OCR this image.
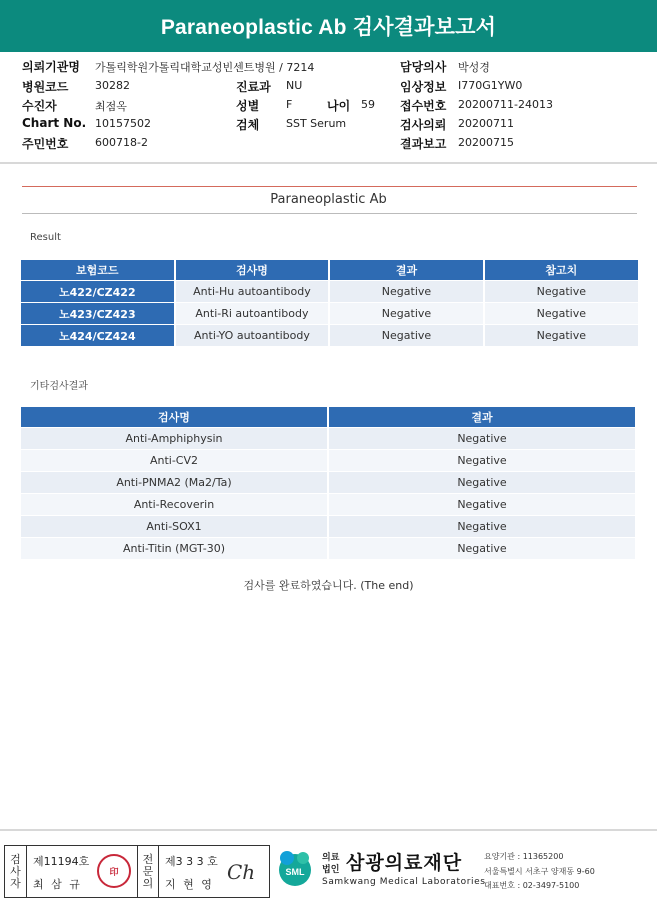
Paraneoplastic Ab 검사결과보고서
의뢰기관명 가톨릭학원가톨릭대학교성빈센트병원 / 7214
병원코드 30282
수진자	최점옥
Chart No. 10157502
주민번호 600718-2
진료과 NU
성별 F	나이 59
검체 SST Serum
담당의사 박성경
임상정보 I770G1YW0
접수번호 20200711-24013
검사의뢰 20200711
결과보고 20200715
Paraneoplastic Ab
Result
보험코드	검사명	결과	참고치
노422/CZ422	Anti-Hu autoantibody	Negative	Negative
노423/CZ423	Anti-Ri autoantibody	Negative	Negative
노424/CZ424	Anti-YO autoantibody	Negative	Negative
기타검사결과
검사명	결과
Anti-Amphiphysin	Negative
Anti-CV2	Negative
Anti-PNMA2 (Ma2/Ta)	Negative
Anti-Recoverin	Negative
Anti-SOX1	Negative
Anti-Titin (MGT-30)	Negative
검사를 완료하였습니다. (The end)
검
사
자
제11194호
최 삼 규
印
전
문
의
제3 3 3 호
지 현 영
Ch	SML
의료
법인 삼광의료재단
Samkwang Medical Laboratories
요양기관 : 11365200
서울특별시 서초구 양재동 9-60
대표번호 : 02-3497-5100
